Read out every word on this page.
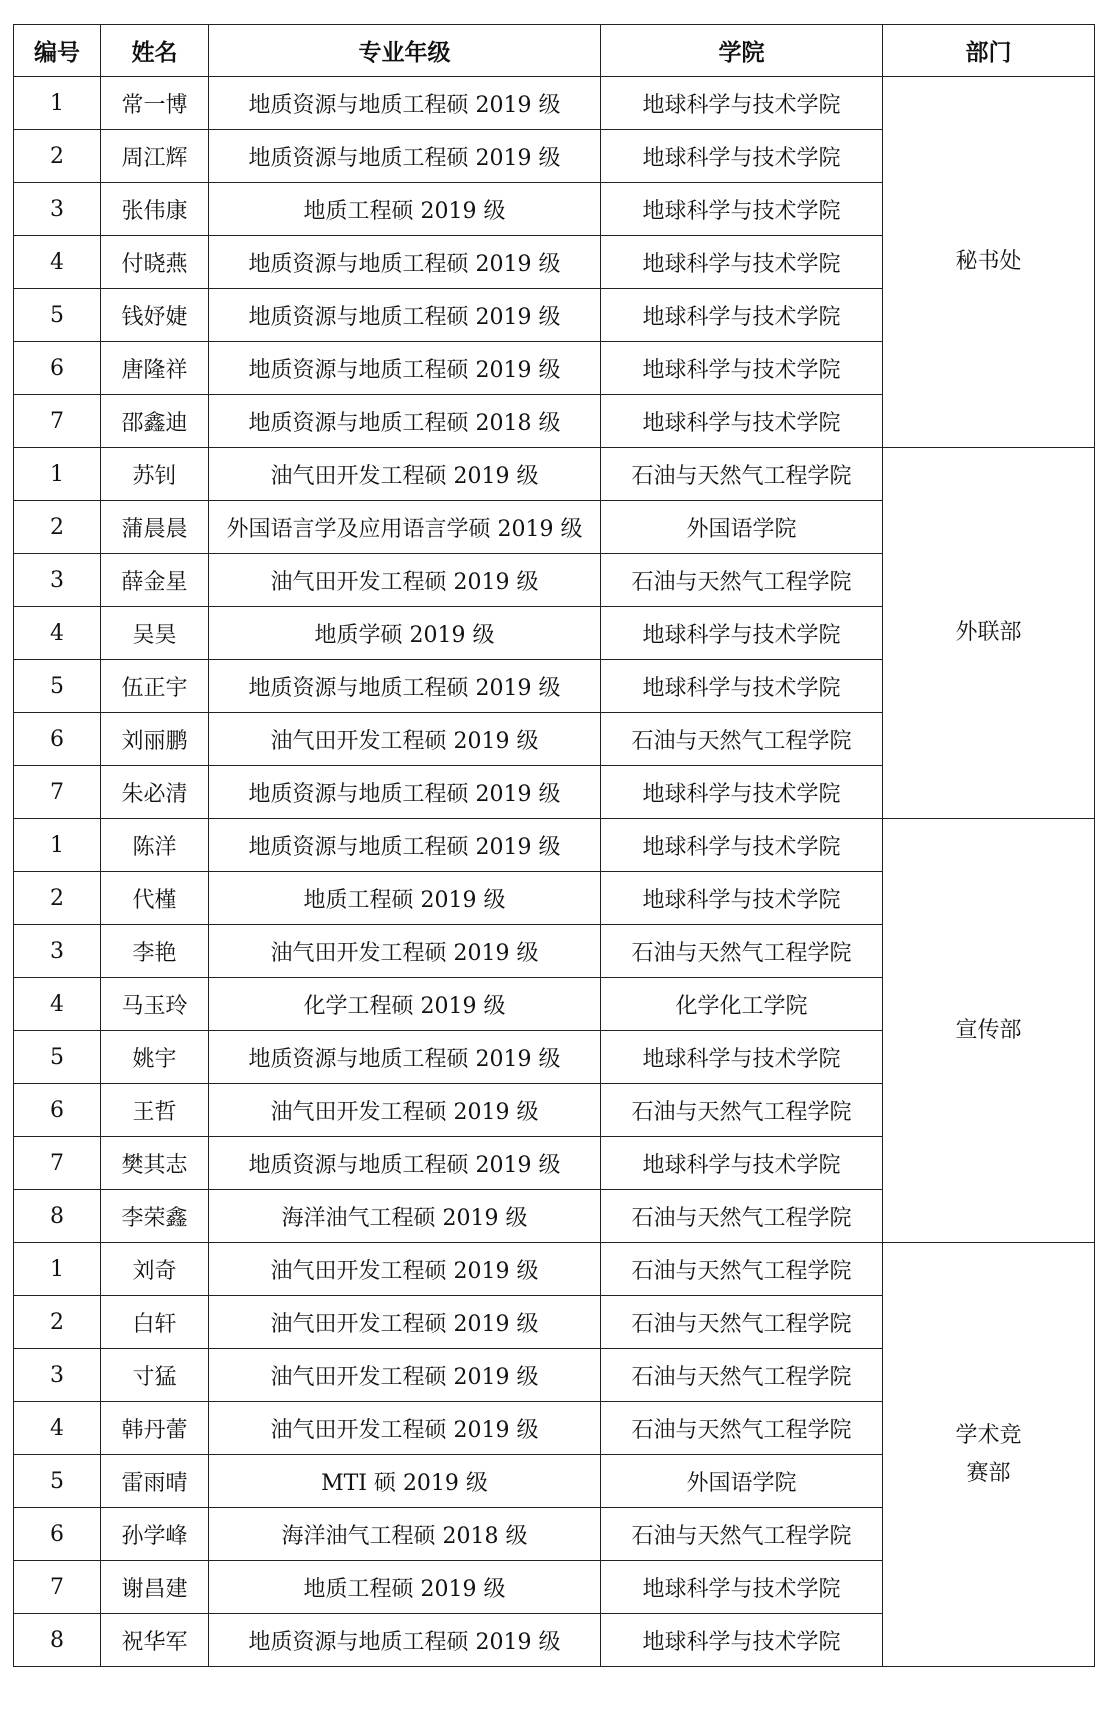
编号	姓名	专业年级	学院	部门
1	常一博	地质资源与地质工程硕 2019 级	地球科学与技术学院	秘书处
2	周江辉	地质资源与地质工程硕 2019 级	地球科学与技术学院	
3	张伟康	地质工程硕 2019 级	地球科学与技术学院	
4	付晓燕	地质资源与地质工程硕 2019 级	地球科学与技术学院	
5	钱妤婕	地质资源与地质工程硕 2019 级	地球科学与技术学院	
6	唐隆祥	地质资源与地质工程硕 2019 级	地球科学与技术学院	
7	邵鑫迪	地质资源与地质工程硕 2018 级	地球科学与技术学院	
1	苏钊	油气田开发工程硕 2019 级	石油与天然气工程学院	外联部
2	蒲晨晨	外国语言学及应用语言学硕 2019 级	外国语学院	
3	薛金星	油气田开发工程硕 2019 级	石油与天然气工程学院	
4	吴昊	地质学硕 2019 级	地球科学与技术学院	
5	伍正宇	地质资源与地质工程硕 2019 级	地球科学与技术学院	
6	刘丽鹏	油气田开发工程硕 2019 级	石油与天然气工程学院	
7	朱必清	地质资源与地质工程硕 2019 级	地球科学与技术学院	
1	陈洋	地质资源与地质工程硕 2019 级	地球科学与技术学院	宣传部
2	代槿	地质工程硕 2019 级	地球科学与技术学院	
3	李艳	油气田开发工程硕 2019 级	石油与天然气工程学院	
4	马玉玲	化学工程硕 2019 级	化学化工学院	
5	姚宇	地质资源与地质工程硕 2019 级	地球科学与技术学院	
6	王哲	油气田开发工程硕 2019 级	石油与天然气工程学院	
7	樊其志	地质资源与地质工程硕 2019 级	地球科学与技术学院	
8	李荣鑫	海洋油气工程硕 2019 级	石油与天然气工程学院	
1	刘奇	油气田开发工程硕 2019 级	石油与天然气工程学院	学术竞赛部
2	白轩	油气田开发工程硕 2019 级	石油与天然气工程学院	
3	寸猛	油气田开发工程硕 2019 级	石油与天然气工程学院	
4	韩丹蕾	油气田开发工程硕 2019 级	石油与天然气工程学院	
5	雷雨晴	MTI 硕 2019 级	外国语学院	
6	孙学峰	海洋油气工程硕 2018 级	石油与天然气工程学院	
7	谢昌建	地质工程硕 2019 级	地球科学与技术学院	
8	祝华军	地质资源与地质工程硕 2019 级	地球科学与技术学院	
